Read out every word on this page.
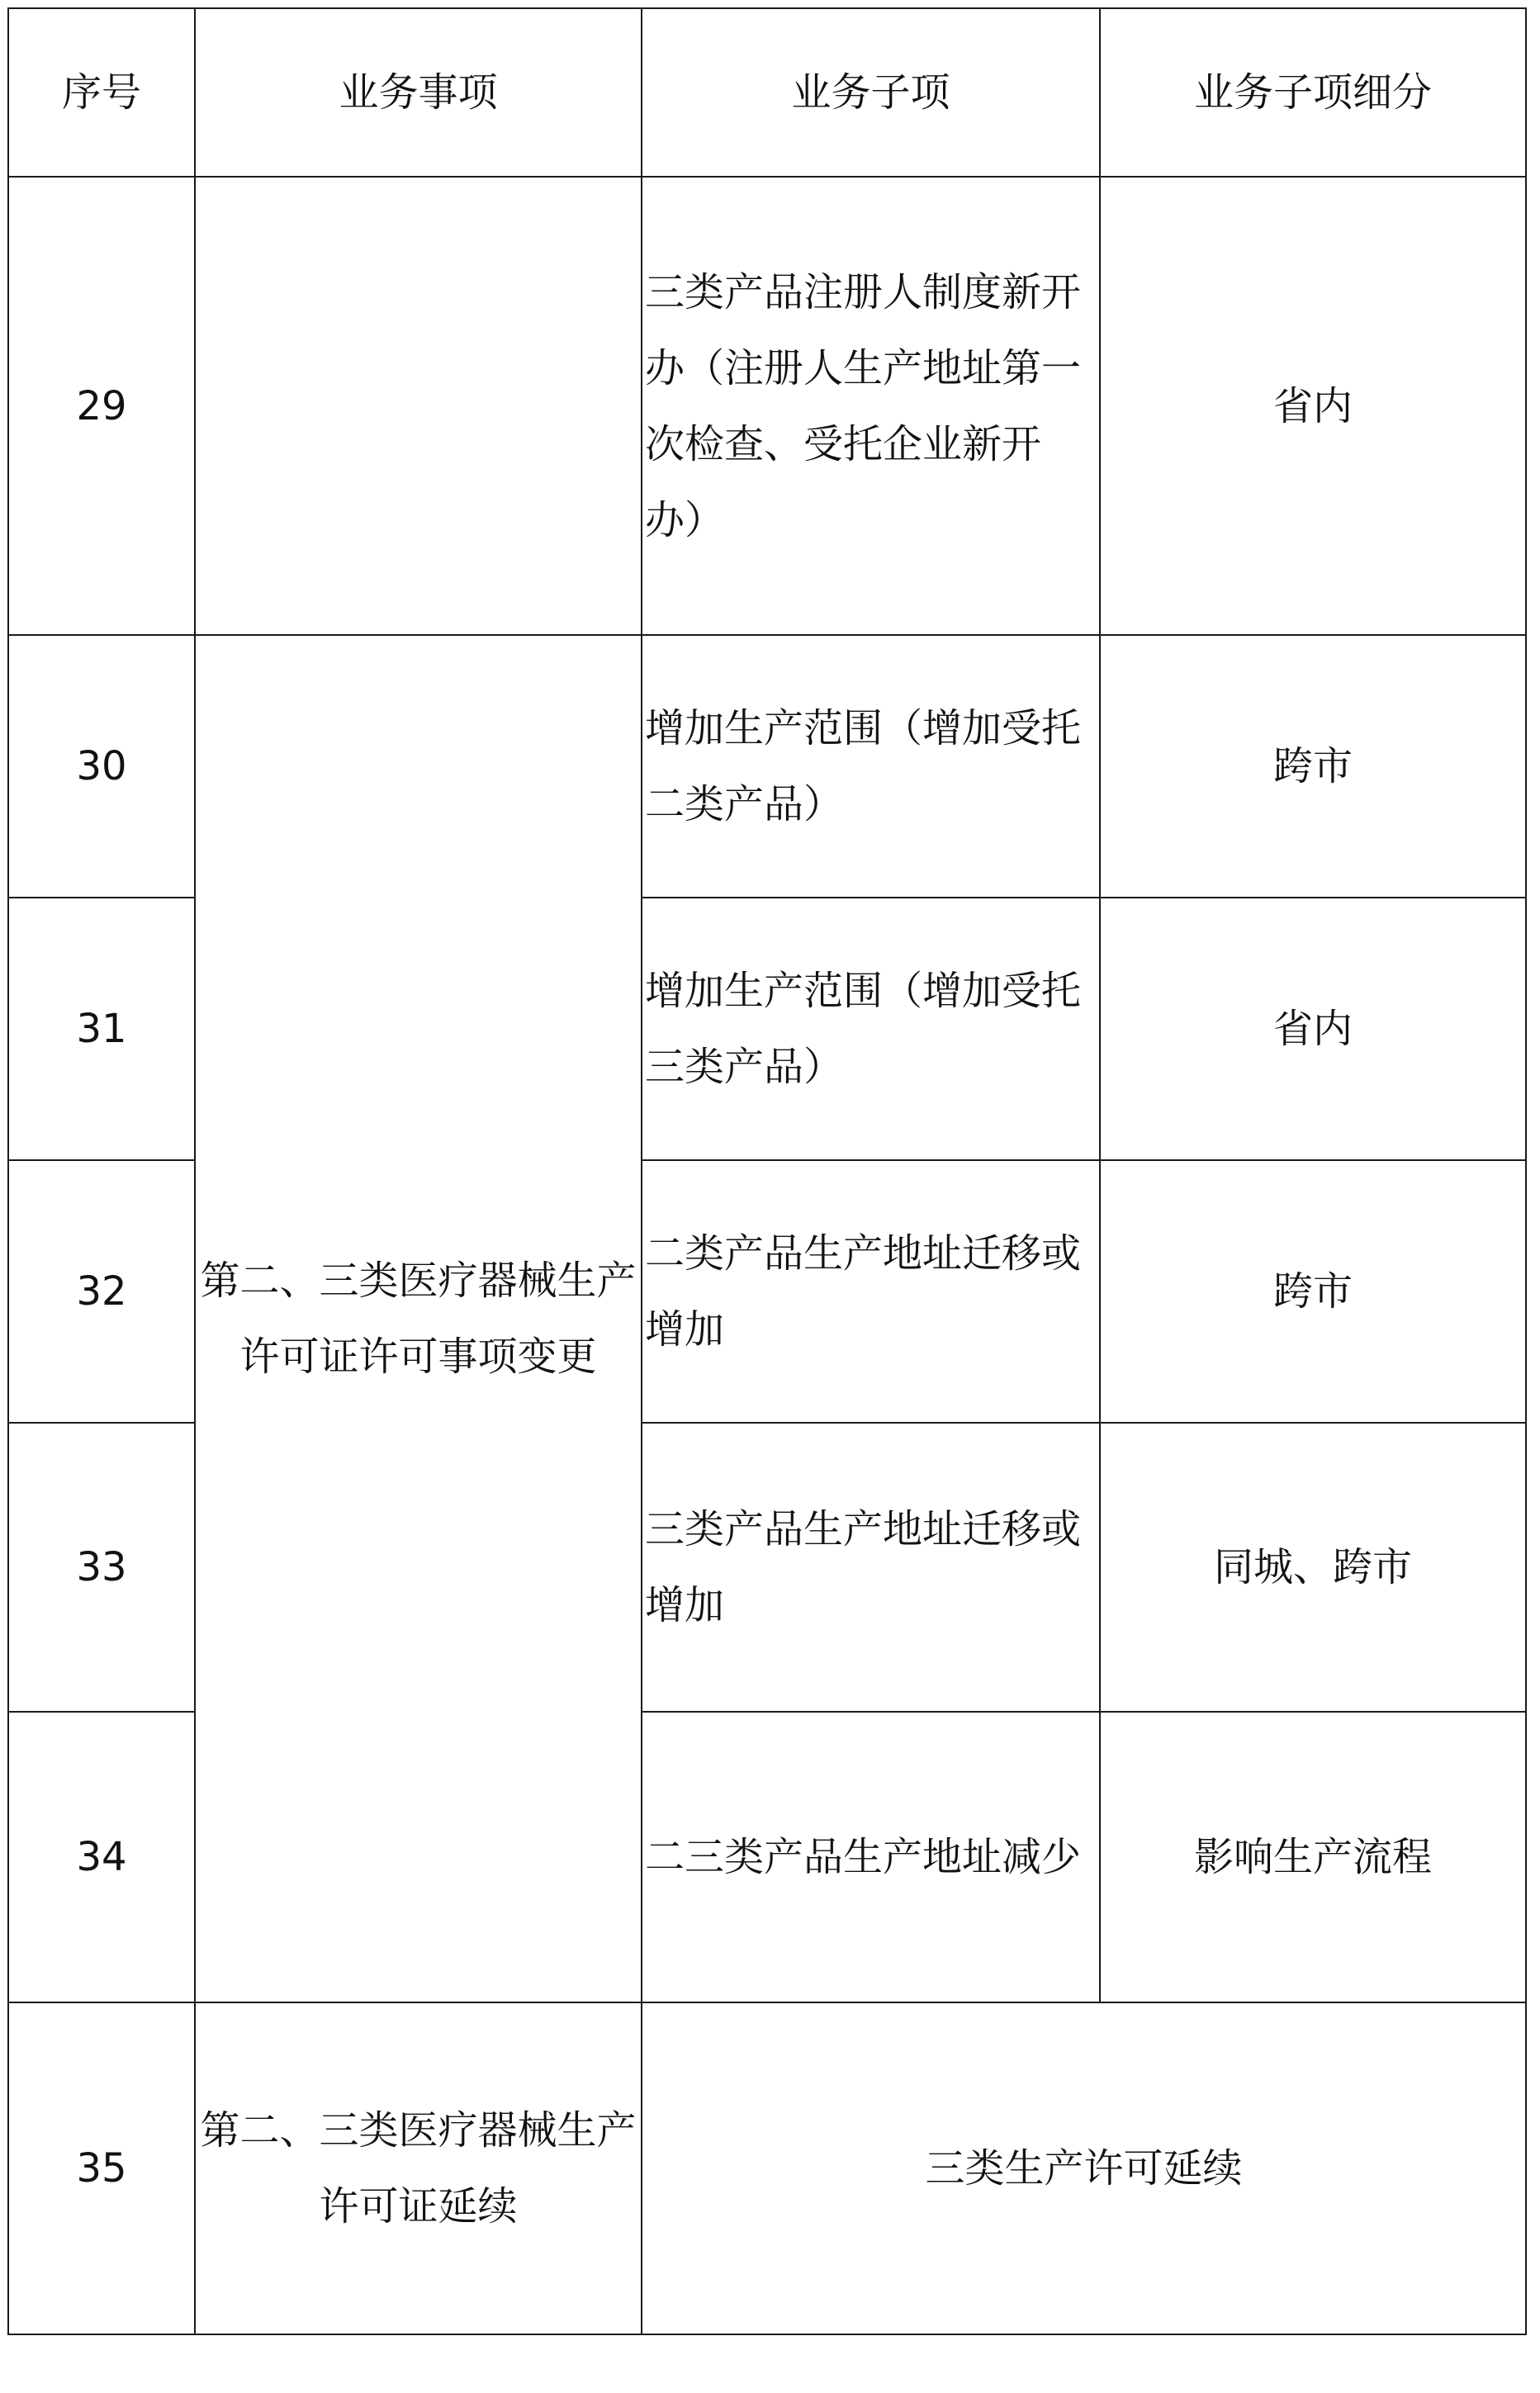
序号	业务事项	业务子项	业务子项细分
29		三类产品注册人制度新开
办（注册人生产地址第一
次检查、受托企业新开办）	省内
30	第二、三类医疗器械生产
许可证许可事项变更	增加生产范围（增加受托
二类产品）	跨市
31		增加生产范围（增加受托
三类产品）	省内
32		二类产品生产地址迁移或
增加	跨市
33		三类产品生产地址迁移或
增加	同城、跨市
34		二三类产品生产地址减少	影响生产流程
35	第二、三类医疗器械生产
许可证延续	三类生产许可延续	
